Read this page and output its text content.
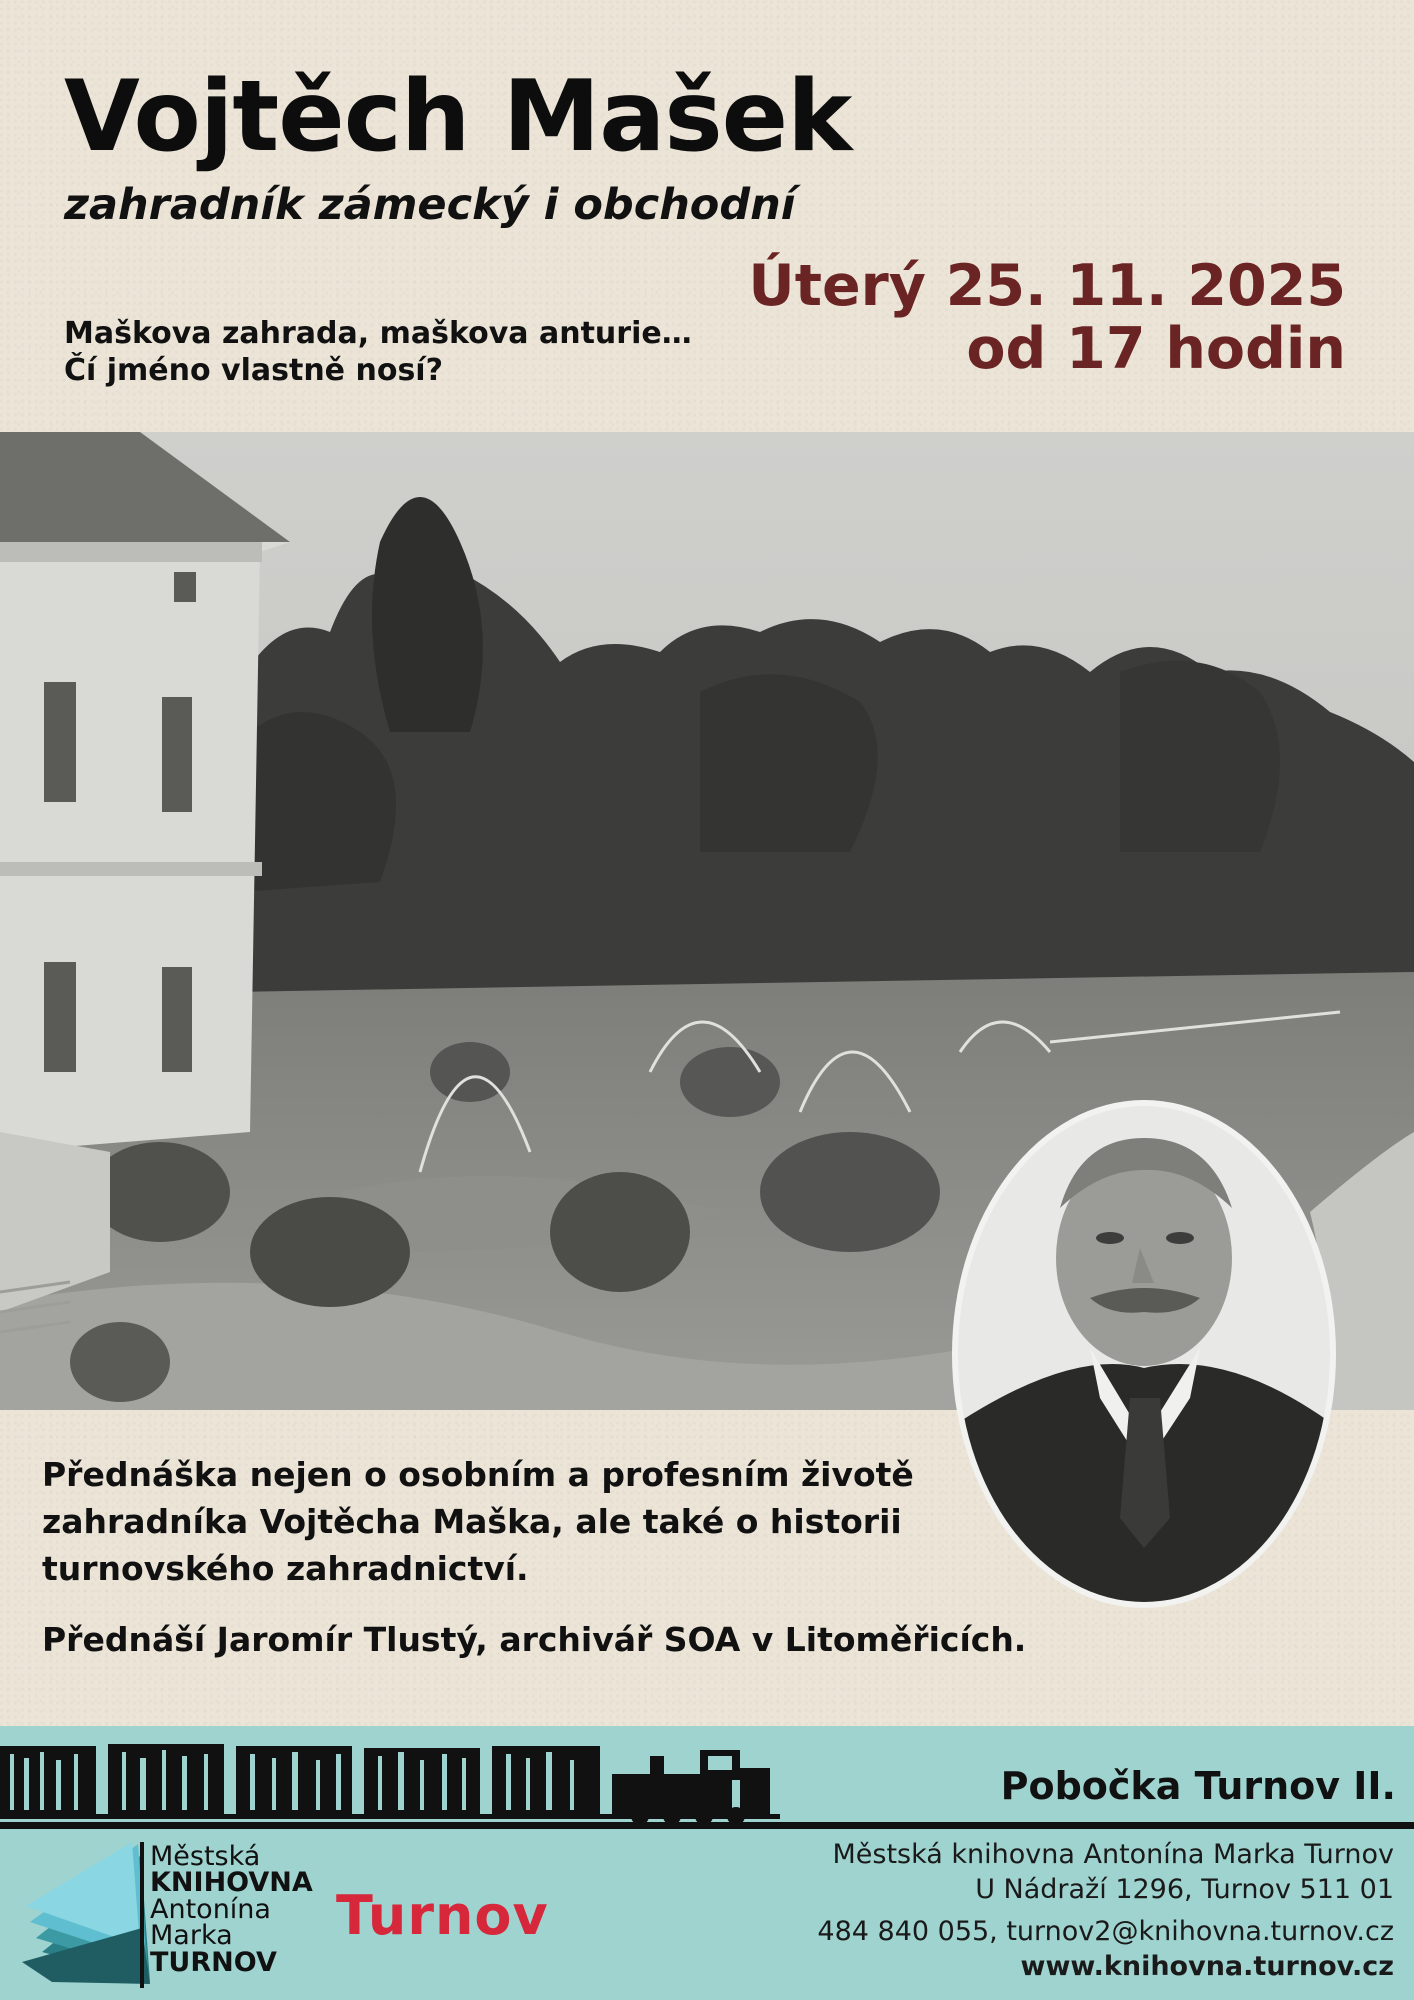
Vojtěch Mašek
zahradník zámecký i obchodní
Úterý 25. 11. 2025
od 17 hodin
Maškova zahrada, maškova anturie…
Čí jméno vlastně nosí?
Přednáška nejen o osobním a profesním životě
zahradníka Vojtěcha Maška, ale také o historii
turnovského zahradnictví.
Přednáší Jaromír Tlustý, archivář SOA v Litoměřicích.
Pobočka Turnov II.
Městská knihovna Antonína Marka Turnov
U Nádraží 1296, Turnov 511 01
484 840 055, turnov2@knihovna.turnov.cz
www.knihovna.turnov.cz
Městská
KNIHOVNA
Antonína
Marka
TURNOV
Turnov
